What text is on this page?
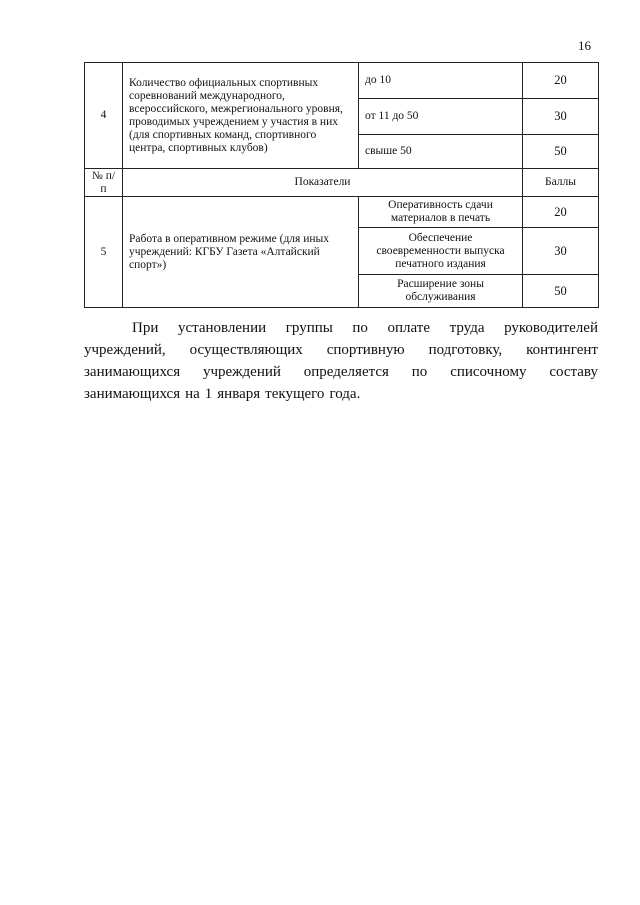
16
4	Количество официальных спортивных соревнований международного, всероссийского, межрегионального уровня, проводимых учреждением у участия в них (для спортивных команд, спортивного центра, спортивных клубов)	до 10	20
		от 11 до 50	30
		свыше 50	50
№ п/п	Показатели		Баллы
5	Работа в оперативном режиме (для иных учреждений: КГБУ Газета «Алтайский спорт»)	Оперативность сдачи материалов в печать	20
		Обеспечение своевременности выпуска печатного издания	30
		Расширение зоны обслуживания	50
При установлении группы по оплате труда руководителей
учреждений, осуществляющих спортивную подготовку, контингент
занимающихся учреждений определяется по списочному составу
занимающихся на 1 января текущего года.
